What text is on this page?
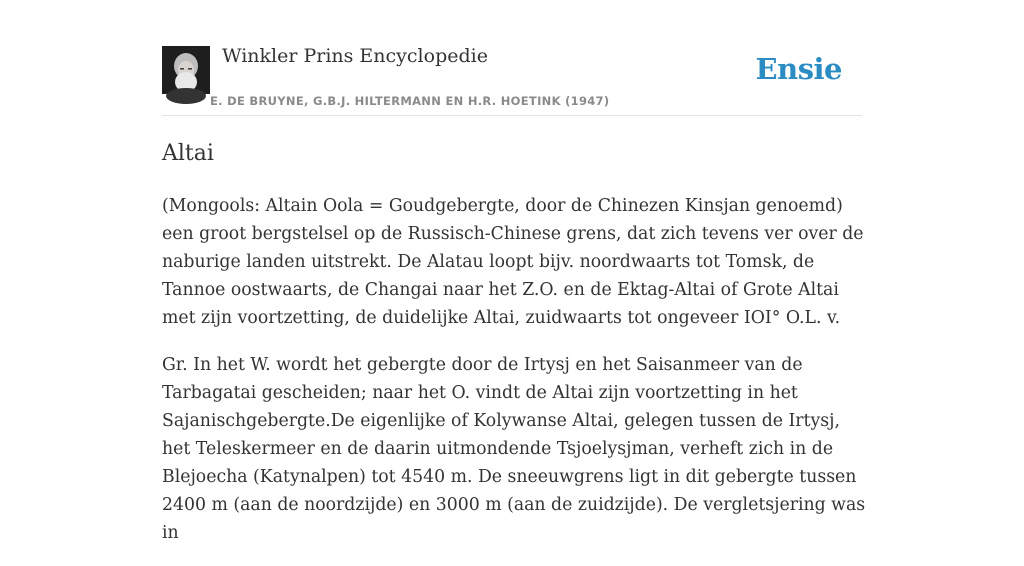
Winkler Prins Encyclopedie
E. DE BRUYNE, G.B.J. HILTERMANN EN H.R. HOETINK (1947)
Ensie
Altai

(Mongools: Altain Oola = Goudgebergte, door de Chinezen Kinsjan genoemd) een groot bergstelsel op de Russisch-Chinese grens, dat zich tevens ver over de naburige landen uitstrekt. De Alatau loopt bijv. noordwaarts tot Tomsk, de Tannoe oostwaarts, de Changai naar het Z.O. en de Ektag-Altai of Grote Altai met zijn voortzetting, de duidelijke Altai, zuidwaarts tot ongeveer IOI° O.L. v.

Gr. In het W. wordt het gebergte door de Irtysj en het Saisanmeer van de Tarbagatai gescheiden; naar het O. vindt de Altai zijn voortzetting in het Sajanischgebergte.De eigenlijke of Kolywanse Altai, gelegen tussen de Irtysj, het Teleskermeer en de daarin uitmondende Tsjoelysjman, verheft zich in de Blejoecha (Katynalpen) tot 4540 m. De sneeuwgrens ligt in dit gebergte tussen 2400 m (aan de noordzijde) en 3000 m (aan de zuidzijde). De vergletsjering was in
